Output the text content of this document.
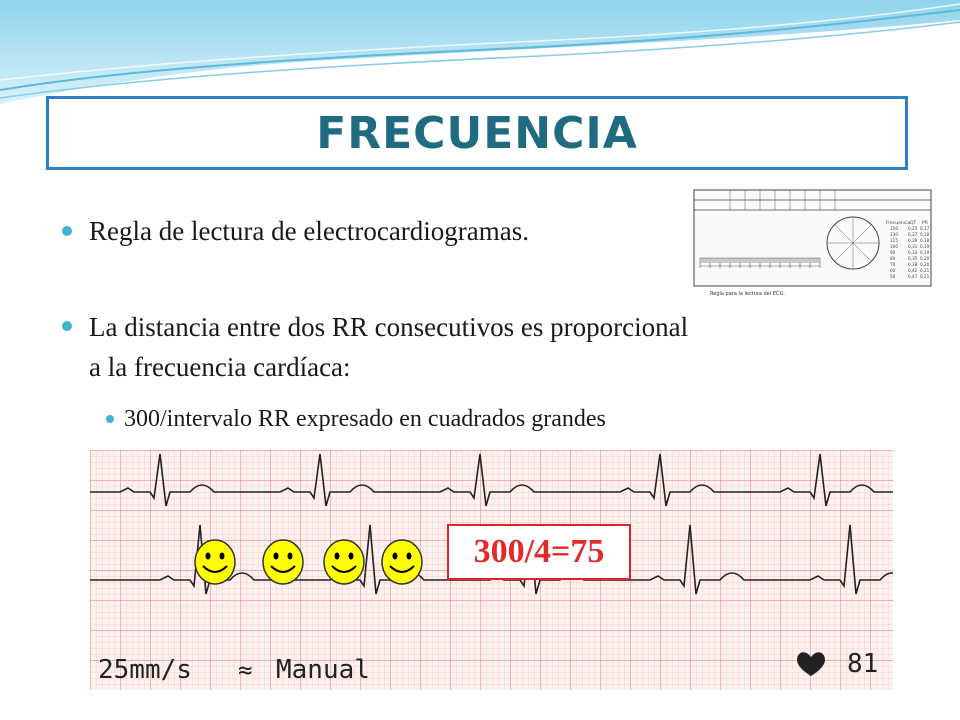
FRECUENCIA
Regla de lectura de electrocardiogramas.
La distancia entre dos RR consecutivos es proporcional
a la frecuencia cardíaca:
300/intervalo RR expresado en cuadrados grandes
Frecuencia QT PR
150 0,25 0,17
130 0,27 0,18
115 0,29 0,18
100 0,31 0,19
90	0,33 0,19
80	0,35 0,20
70	0,38 0,20
60	0,42 0,21
50	0,47 0,21
Regla para la lectura del ECG.
25mm/s ≈ Manual	81
300/4=75
